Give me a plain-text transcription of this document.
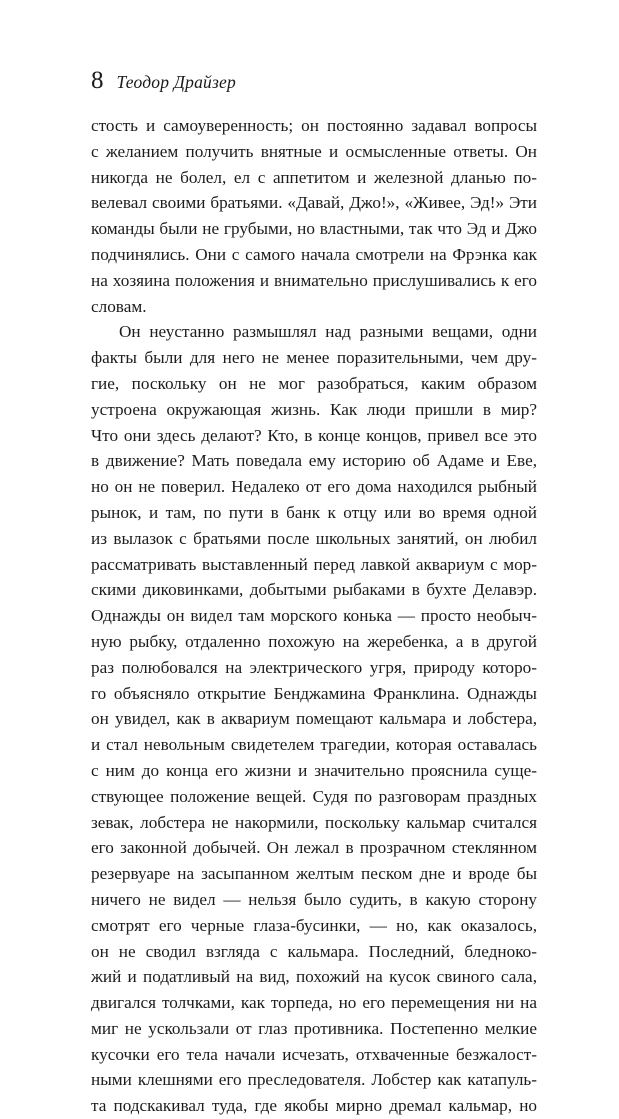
8 Теодор Драйзер
стость и самоуверенность; он постоянно задавал вопросы
с желанием получить внятные и осмысленные ответы. Он
никогда не болел, ел с аппетитом и железной дланью по-
велевал своими братьями. «Давай, Джо!», «Живее, Эд!» Эти
команды были не грубыми, но властными, так что Эд и Джо
подчинялись. Они с самого начала смотрели на Фрэнка как
на хозяина положения и внимательно прислушивались к его
словам.
Он неустанно размышлял над разными вещами, одни
факты были для него не менее поразительными, чем дру-
гие, поскольку он не мог разобраться, каким образом
устроена окружающая жизнь. Как люди пришли в мир?
Что они здесь делают? Кто, в конце концов, привел все это
в движение? Мать поведала ему историю об Адаме и Еве,
но он не поверил. Недалеко от его дома находился рыбный
рынок, и там, по пути в банк к отцу или во время одной
из вылазок с братьями после школьных занятий, он любил
рассматривать выставленный перед лавкой аквариум с мор-
скими диковинками, добытыми рыбаками в бухте Делавэр.
Однажды он видел там морского конька — просто необыч-
ную рыбку, отдаленно похожую на жеребенка, а в другой
раз полюбовался на электрического угря, природу которо-
го объясняло открытие Бенджамина Франклина. Однажды
он увидел, как в аквариум помещают кальмара и лобстера,
и стал невольным свидетелем трагедии, которая оставалась
с ним до конца его жизни и значительно прояснила суще-
ствующее положение вещей. Судя по разговорам праздных
зевак, лобстера не накормили, поскольку кальмар считался
его законной добычей. Он лежал в прозрачном стеклянном
резервуаре на засыпанном желтым песком дне и вроде бы
ничего не видел — нельзя было судить, в какую сторону
смотрят его черные глаза-бусинки, — но, как оказалось,
он не сводил взгляда с кальмара. Последний, бледноко-
жий и податливый на вид, похожий на кусок свиного сала,
двигался толчками, как торпеда, но его перемещения ни на
миг не ускользали от глаз противника. Постепенно мелкие
кусочки его тела начали исчезать, отхваченные безжалост-
ными клешнями его преследователя. Лобстер как катапуль-
та подскакивал туда, где якобы мирно дремал кальмар, но
